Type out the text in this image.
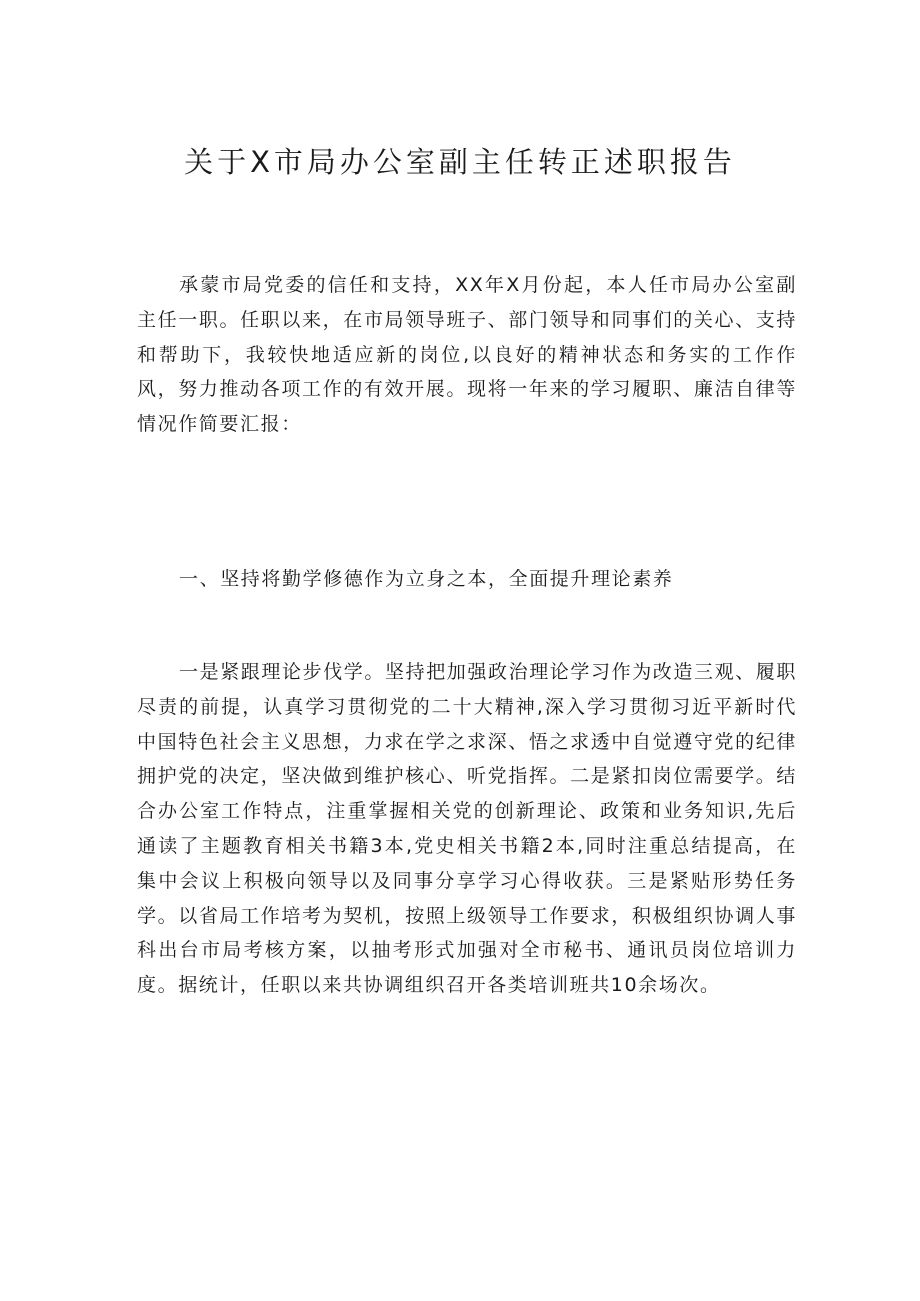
关于X市局办公室副主任转正述职报告

承蒙市局党委的信任和支持，XX年X月份起，本人任市局办公室副主任一职。任职以来，在市局领导班子、部门领导和同事们的关心、支持和帮助下，我较快地适应新的岗位,以良好的精神状态和务实的工作作风，努力推动各项工作的有效开展。现将一年来的学习履职、廉洁自律等情况作简要汇报：

一、坚持将勤学修德作为立身之本，全面提升理论素养

一是紧跟理论步伐学。坚持把加强政治理论学习作为改造三观、履职尽责的前提，认真学习贯彻党的二十大精神,深入学习贯彻习近平新时代中国特色社会主义思想，力求在学之求深、悟之求透中自觉遵守党的纪律拥护党的决定，坚决做到维护核心、听党指挥。二是紧扣岗位需要学。结合办公室工作特点，注重掌握相关党的创新理论、政策和业务知识,先后通读了主题教育相关书籍3本,党史相关书籍2本,同时注重总结提高，在集中会议上积极向领导以及同事分享学习心得收获。三是紧贴形势任务学。以省局工作培考为契机，按照上级领导工作要求，积极组织协调人事科出台市局考核方案，以抽考形式加强对全市秘书、通讯员岗位培训力度。据统计，任职以来共协调组织召开各类培训班共10余场次。
